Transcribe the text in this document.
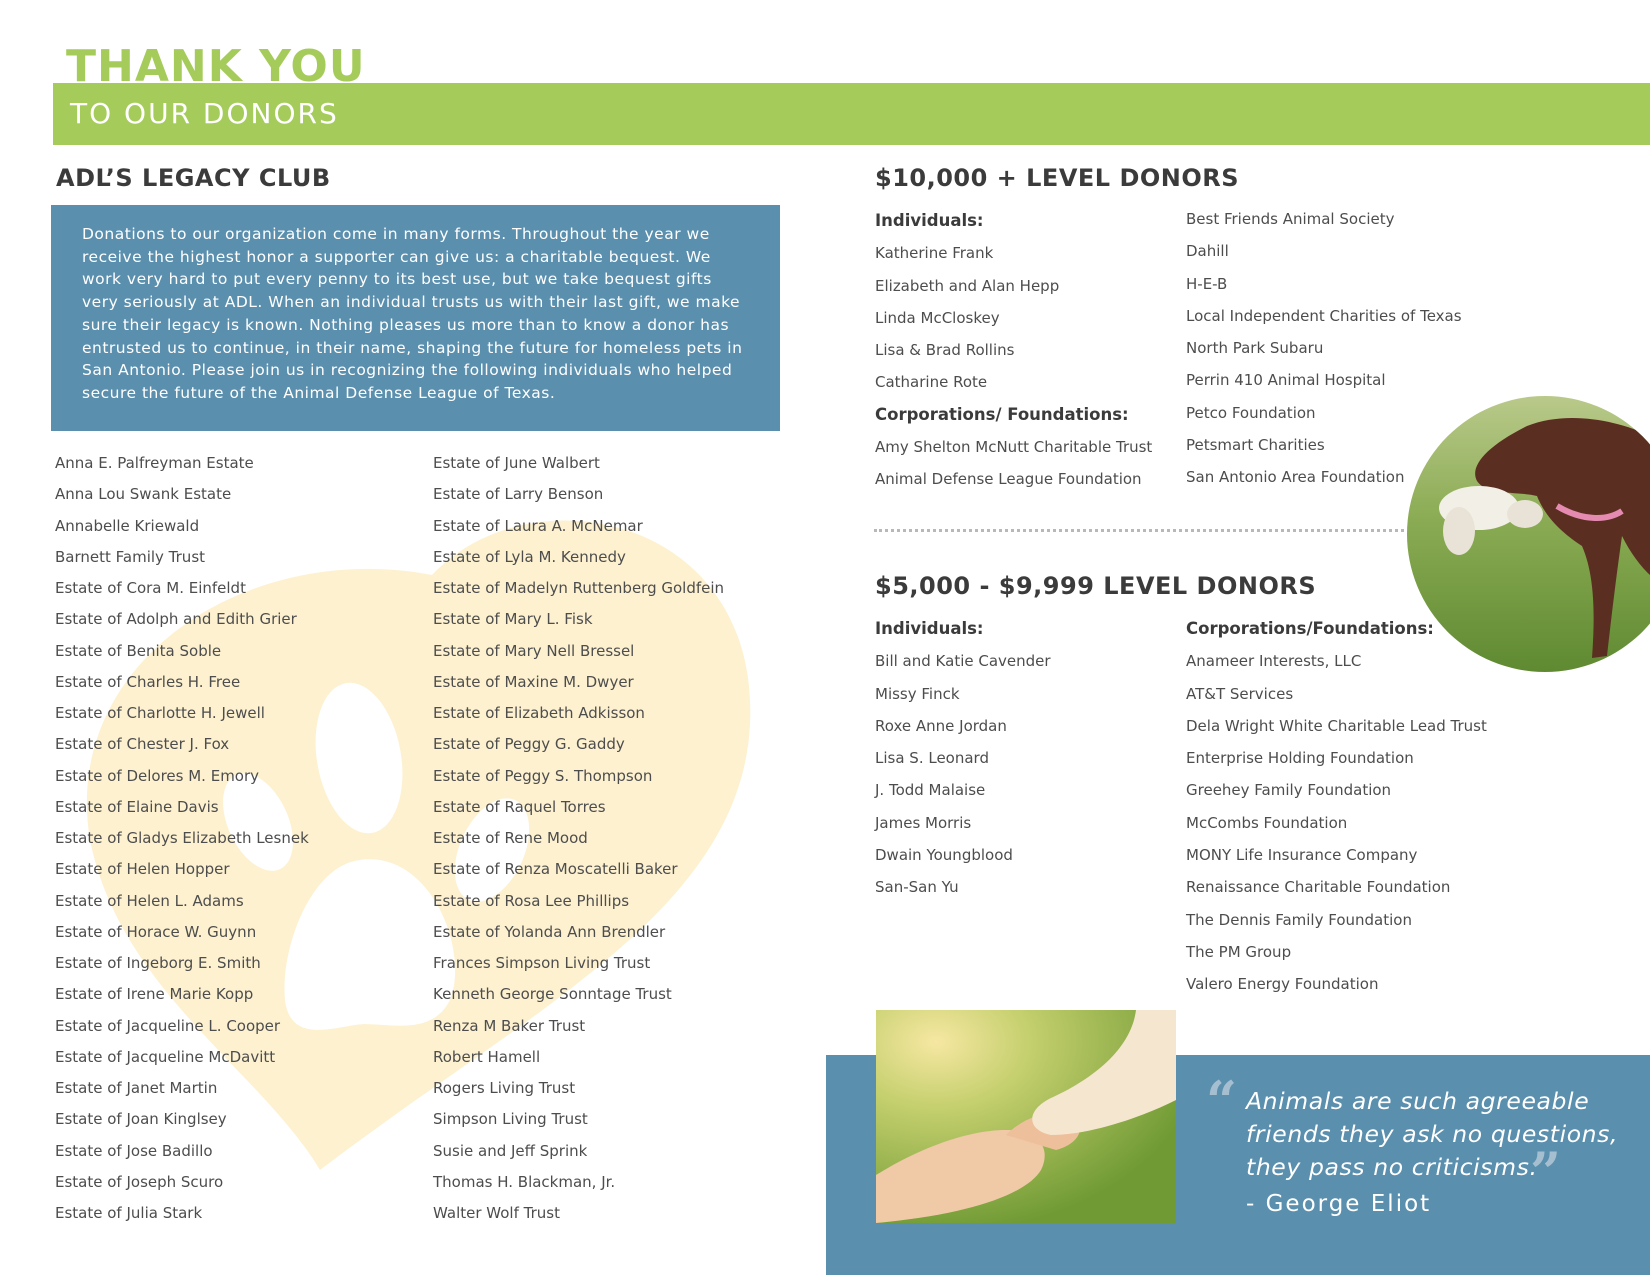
THANK YOU
TO OUR DONORS
ADL’S LEGACY CLUB
Donations to our organization come in many forms. Throughout the year we receive the highest honor a supporter can give us: a charitable bequest. We work very hard to put every penny to its best use, but we take bequest gifts very seriously at ADL. When an individual trusts us with their last gift, we make sure their legacy is known. Nothing pleases us more than to know a donor has entrusted us to continue, in their name, shaping the future for homeless pets in San Antonio. Please join us in recognizing the following individuals who helped secure the future of the Animal Defense League of Texas.
Anna E. Palfreyman Estate
Anna Lou Swank Estate
Annabelle Kriewald
Barnett Family Trust
Estate of Cora M. Einfeldt
Estate of Adolph and Edith Grier
Estate of Benita Soble
Estate of Charles H. Free
Estate of Charlotte H. Jewell
Estate of Chester J. Fox
Estate of Delores M. Emory
Estate of Elaine Davis
Estate of Gladys Elizabeth Lesnek
Estate of Helen Hopper
Estate of Helen L. Adams
Estate of Horace W. Guynn
Estate of Ingeborg E. Smith
Estate of Irene Marie Kopp
Estate of Jacqueline L. Cooper
Estate of Jacqueline McDavitt
Estate of Janet Martin
Estate of Joan Kinglsey
Estate of Jose Badillo
Estate of Joseph Scuro
Estate of Julia Stark
Estate of June Walbert
Estate of Larry Benson
Estate of Laura A. McNemar
Estate of Lyla M. Kennedy
Estate of Madelyn Ruttenberg Goldfein
Estate of Mary L. Fisk
Estate of Mary Nell Bressel
Estate of Maxine M. Dwyer
Estate of Elizabeth Adkisson
Estate of Peggy G. Gaddy
Estate of Peggy S. Thompson
Estate of Raquel Torres
Estate of Rene Mood
Estate of Renza Moscatelli Baker
Estate of Rosa Lee Phillips
Estate of Yolanda Ann Brendler
Frances Simpson Living Trust
Kenneth George Sonntage Trust
Renza M Baker Trust
Robert Hamell
Rogers Living Trust
Simpson Living Trust
Susie and Jeff Sprink
Thomas H. Blackman, Jr.
Walter Wolf Trust
$10,000 + LEVEL DONORS
Individuals:
Katherine Frank
Elizabeth and Alan Hepp
Linda McCloskey
Lisa & Brad Rollins
Catharine Rote
Corporations/ Foundations:
Amy Shelton McNutt Charitable Trust
Animal Defense League Foundation
Best Friends Animal Society
Dahill
H-E-B
Local Independent Charities of Texas
North Park Subaru
Perrin 410 Animal Hospital
Petco Foundation
Petsmart Charities
San Antonio Area Foundation
$5,000 - $9,999 LEVEL DONORS
Individuals:
Bill and Katie Cavender
Missy Finck
Roxe Anne Jordan
Lisa S. Leonard
J. Todd Malaise
James Morris
Dwain Youngblood
San-San Yu
Corporations/Foundations:
Anameer Interests, LLC
AT&T Services
Dela Wright White Charitable Lead Trust
Enterprise Holding Foundation
Greehey Family Foundation
McCombs Foundation
MONY Life Insurance Company
Renaissance Charitable Foundation
The Dennis Family Foundation
The PM Group
Valero Energy Foundation
“ Animals are such agreeable friends they ask no questions, they pass no criticisms.
”
- George Eliot
